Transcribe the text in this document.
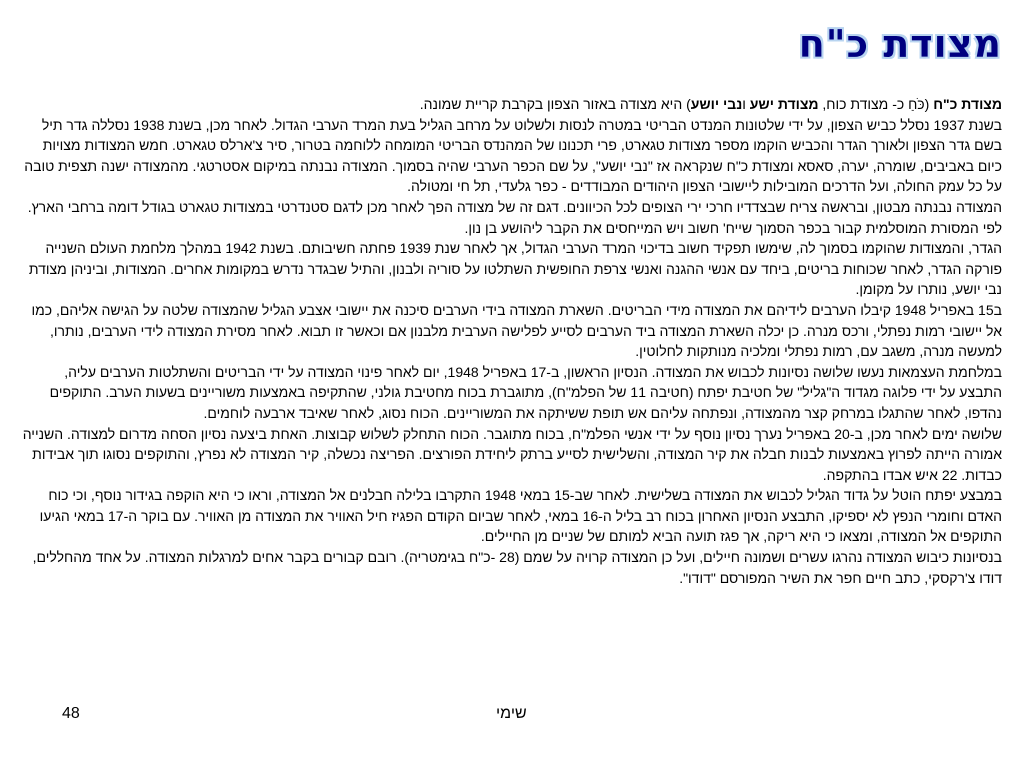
מצודת כ"ח

מצודת כ"ח (כֹּחַ כ- מצודת כוח, מצודת ישע ונבי יושע) היא מצודה באזור הצפון בקרבת קריית שמונה.

בשנת 1937 נסלל כביש הצפון, על ידי שלטונות המנדט הבריטי במטרה לנסות ולשלוט על מרחב הגליל בעת המרד הערבי הגדול. לאחר מכן, בשנת 1938 נסללה גדר תיל בשם גדר הצפון ולאורך הגדר והכביש הוקמו מספר מצודות טגארט, פרי תכנונו של המהנדס הבריטי המומחה ללוחמה בטרור, סיר צ'ארלס טגארט. חמש המצודות מצויות כיום באביבים, שומרה, יערה, סאסא ומצודת כ"ח שנקראה אז "נבי יושע", על שם הכפר הערבי שהיה בסמוך. המצודה נבנתה במיקום אסטרטגי. מהמצודה ישנה תצפית טובה על כל עמק החולה, ועל הדרכים המובילות ליישובי הצפון היהודים המבודדים - כפר גלעדי, תל חי ומטולה.

המצודה נבנתה מבטון, ובראשה צריח שבצדדיו חרכי ירי הצופים לכל הכיוונים. דגם זה של מצודה הפך לאחר מכן לדגם סטנדרטי במצודות טגארט בגודל דומה ברחבי הארץ.

לפי המסורת המוסלמית קבור בכפר הסמוך שייח' חשוב ויש המייחסים את הקבר ליהושע בן נון.

הגדר, והמצודות שהוקמו בסמוך לה, שימשו תפקיד חשוב בדיכוי המרד הערבי הגדול, אך לאחר שנת 1939 פחתה חשיבותם. בשנת 1942 במהלך מלחמת העולם השנייה פורקה הגדר, לאחר שכוחות בריטים, ביחד עם אנשי ההגנה ואנשי צרפת החופשית השתלטו על סוריה ולבנון, והתיל שבגדר נדרש במקומות אחרים. המצודות, וביניהן מצודת נבי יושע, נותרו על מקומן.

ב15 באפריל 1948 קיבלו הערבים לידיהם את המצודה מידי הבריטים. השארת המצודה בידי הערבים סיכנה את יישובי אצבע הגליל שהמצודה שלטה על הגישה אליהם, כמו אל יישובי רמות נפתלי, ורכס מנרה. כן יכלה השארת המצודה ביד הערבים לסייע לפלישה הערבית מלבנון אם וכאשר זו תבוא. לאחר מסירת המצודה לידי הערבים, נותרו, למעשה מנרה, משגב עם, רמות נפתלי ומלכיה מנותקות לחלוטין.

במלחמת העצמאות נעשו שלושה נסיונות לכבוש את המצודה. הנסיון הראשון, ב-17 באפריל 1948, יום לאחר פינוי המצודה על ידי הבריטים והשתלטות הערבים עליה, התבצע על ידי פלוגה מגדוד ה"גליל" של חטיבת יפתח (חטיבה 11 של הפלמ"ח), מתוגברת בכוח מחטיבת גולני, שהתקיפה באמצעות משוריינים בשעות הערב. התוקפים נהדפו, לאחר שהתגלו במרחק קצר מהמצודה, ונפתחה עליהם אש תופת ששיתקה את המשוריינים. הכוח נסוג, לאחר שאיבד ארבעה לוחמים.

שלושה ימים לאחר מכן, ב-20 באפריל נערך נסיון נוסף על ידי אנשי הפלמ"ח, בכוח מתוגבר. הכוח התחלק לשלוש קבוצות. האחת ביצעה נסיון הסחה מדרום למצודה. השנייה אמורה הייתה לפרוץ באמצעות לבנות חבלה את קיר המצודה, והשלישית לסייע ברתק ליחידת הפורצים. הפריצה נכשלה, קיר המצודה לא נפרץ, והתוקפים נסוגו תוך אבידות כבדות. 22 איש אבדו בהתקפה.

במבצע יפתח הוטל על גדוד הגליל לכבוש את המצודה בשלישית. לאחר שב-15 במאי 1948 התקרבו בלילה חבלנים אל המצודה, וראו כי היא הוקפה בגידור נוסף, וכי כוח האדם וחומרי הנפץ לא יספיקו, התבצע הנסיון האחרון בכוח רב בליל ה-16 במאי, לאחר שביום הקודם הפגיז חיל האוויר את המצודה מן האוויר. עם בוקר ה-17 במאי הגיעו התוקפים אל המצודה, ומצאו כי היא ריקה, אך פגז תועה הביא למותם של שניים מן החיילים.

בנסיונות כיבוש המצודה נהרגו עשרים ושמונה חיילים, ועל כן המצודה קרויה על שמם (28 -כ"ח בגימטריה). רובם קבורים בקבר אחים למרגלות המצודה. על אחד מהחללים, דודו צ'רקסקי, כתב חיים חפר את השיר המפורסם "דודו".

שימי
48
